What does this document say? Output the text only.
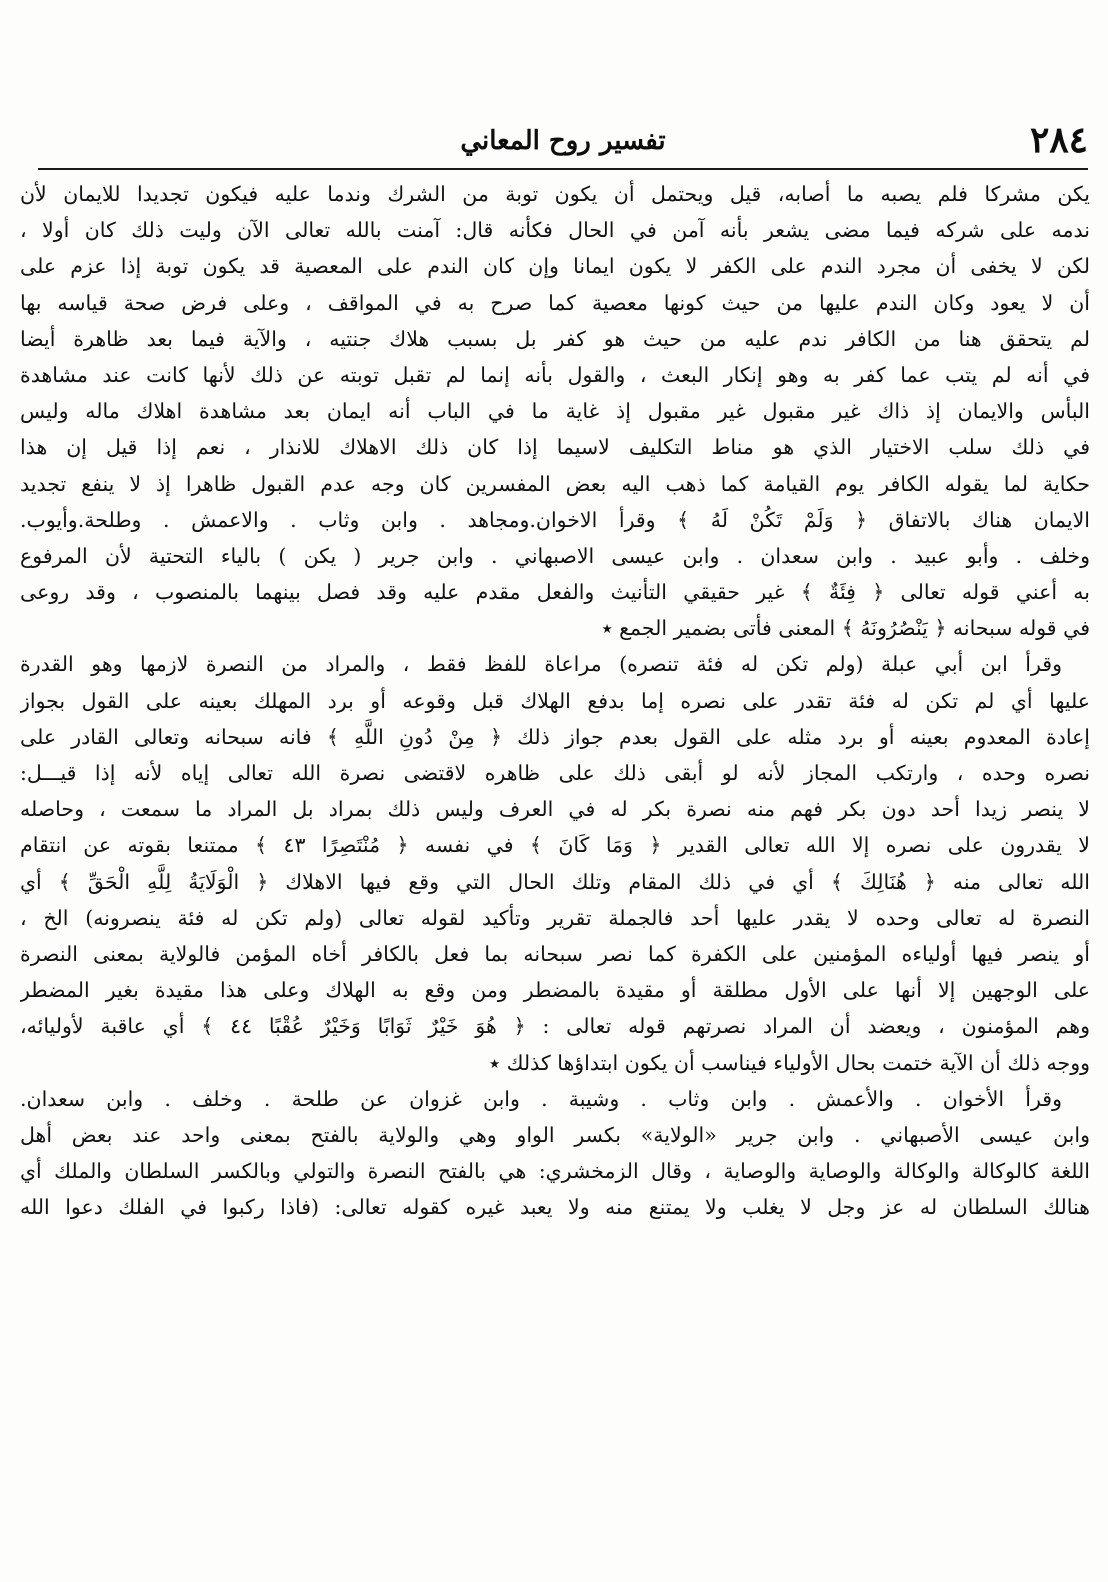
٢٨٤
تفسير روح المعاني
يكن مشركا فلم يصبه ما أصابه، قيل ويحتمل أن يكون توبة من الشرك وندما عليه فيكون تجديدا للايمان لأن
ندمه على شركه فيما مضى يشعر بأنه آمن في الحال فكأنه قال: آمنت بالله تعالى الآن وليت ذلك كان أولا ،
لكن لا يخفى أن مجرد الندم على الكفر لا يكون ايمانا وإن كان الندم على المعصية قد يكون توبة إذا عزم على
أن لا يعود وكان الندم عليها من حيث كونها معصية كما صرح به في المواقف ، وعلى فرض صحة قياسه بها
لم يتحقق هنا من الكافر ندم عليه من حيث هو كفر بل بسبب هلاك جنتيه ، والآية فيما بعد ظاهرة أيضا
في أنه لم يتب عما كفر به وهو إنكار البعث ، والقول بأنه إنما لم تقبل توبته عن ذلك لأنها كانت عند مشاهدة
البأس والايمان إذ ذاك غير مقبول غير مقبول إذ غاية ما في الباب أنه ايمان بعد مشاهدة اهلاك ماله وليس
في ذلك سلب الاختيار الذي هو مناط التكليف لاسيما إذا كان ذلك الاهلاك للانذار ، نعم إذا قيل إن هذا
حكاية لما يقوله الكافر يوم القيامة كما ذهب اليه بعض المفسرين كان وجه عدم القبول ظاهرا إذ لا ينفع تجديد
الايمان هناك بالاتفاق ﴿ وَلَمْ تَكُنْ لَهُ ﴾ وقرأ الاخوان.ومجاهد . وابن وثاب . والاعمش . وطلحة.وأيوب.
وخلف . وأبو عبيد . وابن سعدان . وابن عيسى الاصبهاني . وابن جرير ( يكن ) بالياء التحتية لأن المرفوع
به أعني قوله تعالى ﴿ فِئَةٌ ﴾ غير حقيقي التأنيث والفعل مقدم عليه وقد فصل بينهما بالمنصوب ، وقد روعى
في قوله سبحانه ﴿ يَنْصُرُونَهُ ﴾ المعنى فأتى بضمير الجمع ٭
وقرأ ابن أبي عبلة (ولم تكن له فئة تنصره) مراعاة للفظ فقط ، والمراد من النصرة لازمها وهو القدرة
عليها أي لم تكن له فئة تقدر على نصره إما بدفع الهلاك قبل وقوعه أو برد المهلك بعينه على القول بجواز
إعادة المعدوم بعينه أو برد مثله على القول بعدم جواز ذلك ﴿ مِنْ دُونِ اللَّهِ ﴾ فانه سبحانه وتعالى القادر على
نصره وحده ، وارتكب المجاز لأنه لو أبقى ذلك على ظاهره لاقتضى نصرة الله تعالى إياه لأنه إذا قيـــل:
لا ينصر زيدا أحد دون بكر فهم منه نصرة بكر له في العرف وليس ذلك بمراد بل المراد ما سمعت ، وحاصله
لا يقدرون على نصره إلا الله تعالى القدير ﴿ وَمَا كَانَ ﴾ في نفسه ﴿ مُنْتَصِرًا ٤٣ ﴾ ممتنعا بقوته عن انتقام
الله تعالى منه ﴿ هُنَالِكَ ﴾ أي في ذلك المقام وتلك الحال التي وقع فيها الاهلاك ﴿ الْوَلَايَةُ لِلَّهِ الْحَقِّ ﴾ أي
النصرة له تعالى وحده لا يقدر عليها أحد فالجملة تقرير وتأكيد لقوله تعالى (ولم تكن له فئة ينصرونه) الخ ،
أو ينصر فيها أولياءه المؤمنين على الكفرة كما نصر سبحانه بما فعل بالكافر أخاه المؤمن فالولاية بمعنى النصرة
على الوجهين إلا أنها على الأول مطلقة أو مقيدة بالمضطر ومن وقع به الهلاك وعلى هذا مقيدة بغير المضطر
وهم المؤمنون ، ويعضد أن المراد نصرتهم قوله تعالى : ﴿ هُوَ خَيْرٌ ثَوَابًا وَخَيْرٌ عُقْبًا ٤٤ ﴾ أي عاقبة لأوليائه،
ووجه ذلك أن الآية ختمت بحال الأولياء فيناسب أن يكون ابتداؤها كذلك ٭
وقرأ الأخوان . والأعمش . وابن وثاب . وشيبة . وابن غزوان عن طلحة . وخلف . وابن سعدان.
وابن عيسى الأصبهاني . وابن جرير «الولاية» بكسر الواو وهي والولاية بالفتح بمعنى واحد عند بعض أهل
اللغة كالوكالة والوكالة والوصاية والوصاية ، وقال الزمخشري: هي بالفتح النصرة والتولي وبالكسر السلطان والملك أي
هنالك السلطان له عز وجل لا يغلب ولا يمتنع منه ولا يعبد غيره كقوله تعالى: (فاذا ركبوا في الفلك دعوا الله
